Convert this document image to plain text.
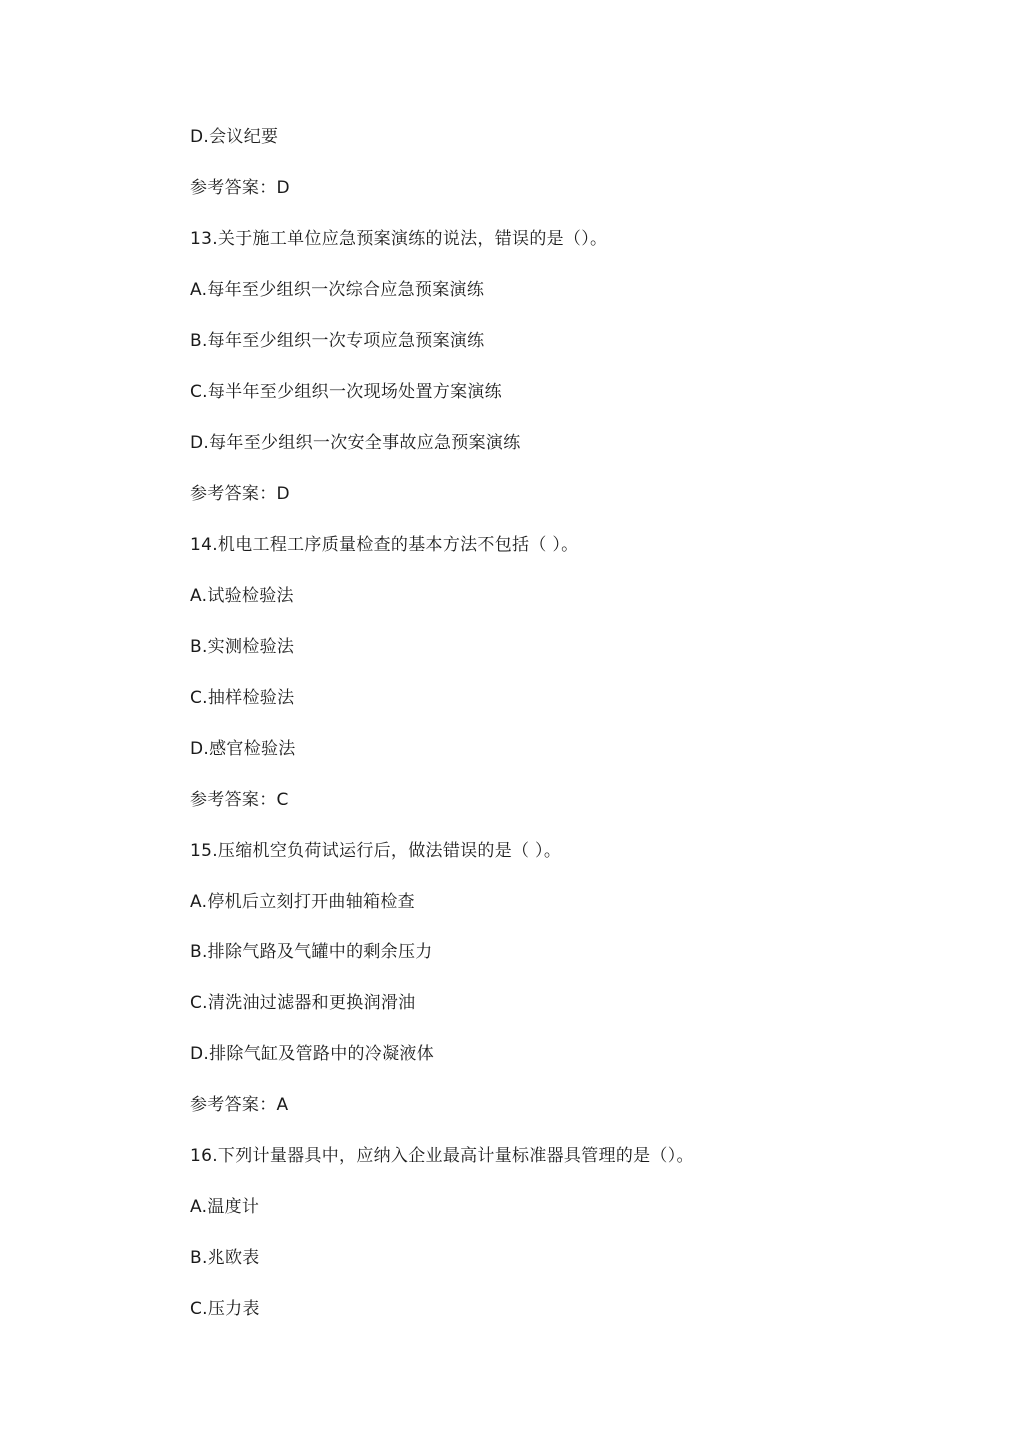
D.会议纪要

参考答案：D

13.关于施工单位应急预案演练的说法，错误的是（）。

A.每年至少组织一次综合应急预案演练

B.每年至少组织一次专项应急预案演练

C.每半年至少组织一次现场处置方案演练

D.每年至少组织一次安全事故应急预案演练

参考答案：D

14.机电工程工序质量检查的基本方法不包括（ ）。

A.试验检验法

B.实测检验法

C.抽样检验法

D.感官检验法

参考答案：C

15.压缩机空负荷试运行后，做法错误的是（ ）。

A.停机后立刻打开曲轴箱检查

B.排除气路及气罐中的剩余压力

C.清洗油过滤器和更换润滑油

D.排除气缸及管路中的冷凝液体

参考答案：A

16.下列计量器具中，应纳入企业最高计量标准器具管理的是（）。

A.温度计

B.兆欧表

C.压力表
